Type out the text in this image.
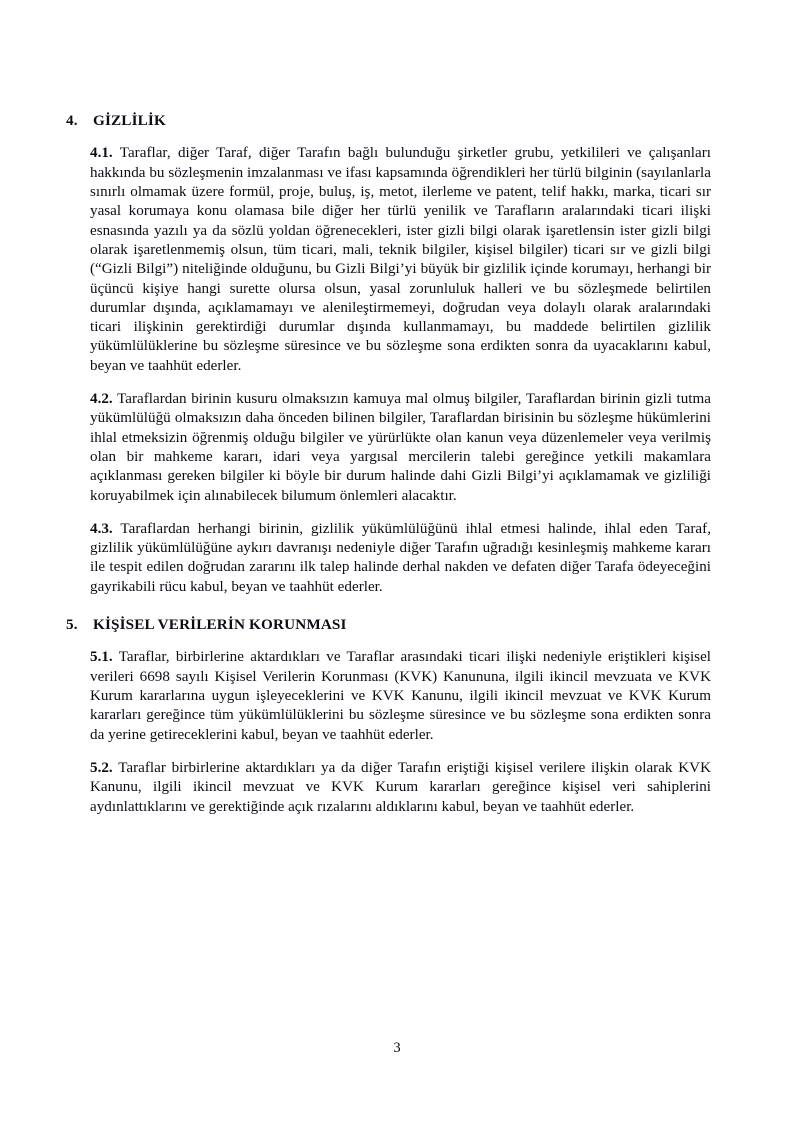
4.	GİZLİLİK

4.1. Taraflar, diğer Taraf, diğer Tarafın bağlı bulunduğu şirketler grubu, yetkilileri ve çalışanları hakkında bu sözleşmenin imzalanması ve ifası kapsamında öğrendikleri her türlü bilginin (sayılanlarla sınırlı olmamak üzere formül, proje, buluş, iş, metot, ilerleme ve patent, telif hakkı, marka, ticari sır yasal korumaya konu olamasa bile diğer her türlü yenilik ve Tarafların aralarındaki ticari ilişki esnasında yazılı ya da sözlü yoldan öğrenecekleri, ister gizli bilgi olarak işaretlensin ister gizli bilgi olarak işaretlenmemiş olsun, tüm ticari, mali, teknik bilgiler, kişisel bilgiler) ticari sır ve gizli bilgi (“Gizli Bilgi”) niteliğinde olduğunu, bu Gizli Bilgi’yi büyük bir gizlilik içinde korumayı, herhangi bir üçüncü kişiye hangi surette olursa olsun, yasal zorunluluk halleri ve bu sözleşmede belirtilen durumlar dışında, açıklamamayı ve alenileştirmemeyi, doğrudan veya dolaylı olarak aralarındaki ticari ilişkinin gerektirdiği durumlar dışında kullanmamayı, bu maddede belirtilen gizlilik yükümlülüklerine bu sözleşme süresince ve bu sözleşme sona erdikten sonra da uyacaklarını kabul, beyan ve taahhüt ederler.

4.2. Taraflardan birinin kusuru olmaksızın kamuya mal olmuş bilgiler, Taraflardan birinin gizli tutma yükümlülüğü olmaksızın daha önceden bilinen bilgiler, Taraflardan birisinin bu sözleşme hükümlerini ihlal etmeksizin öğrenmiş olduğu bilgiler ve yürürlükte olan kanun veya düzenlemeler veya verilmiş olan bir mahkeme kararı, idari veya yargısal mercilerin talebi gereğince yetkili makamlara açıklanması gereken bilgiler ki böyle bir durum halinde dahi Gizli Bilgi’yi açıklamamak ve gizliliği koruyabilmek için alınabilecek bilumum önlemleri alacaktır.

4.3. Taraflardan herhangi birinin, gizlilik yükümlülüğünü ihlal etmesi halinde, ihlal eden Taraf, gizlilik yükümlülüğüne aykırı davranışı nedeniyle diğer Tarafın uğradığı kesinleşmiş mahkeme kararı ile tespit edilen doğrudan zararını ilk talep halinde derhal nakden ve defaten diğer Tarafa ödeyeceğini gayrikabili rücu kabul, beyan ve taahhüt ederler.

5.	KİŞİSEL VERİLERİN KORUNMASI

5.1. Taraflar, birbirlerine aktardıkları ve Taraflar arasındaki ticari ilişki nedeniyle eriştikleri kişisel verileri 6698 sayılı Kişisel Verilerin Korunması (KVK) Kanununa, ilgili ikincil mevzuata ve KVK Kurum kararlarına uygun işleyeceklerini ve KVK Kanunu, ilgili ikincil mevzuat ve KVK Kurum kararları gereğince tüm yükümlülüklerini bu sözleşme süresince ve bu sözleşme sona erdikten sonra da yerine getireceklerini kabul, beyan ve taahhüt ederler.

5.2. Taraflar birbirlerine aktardıkları ya da diğer Tarafın eriştiği kişisel verilere ilişkin olarak KVK Kanunu, ilgili ikincil mevzuat ve KVK Kurum kararları gereğince kişisel veri sahiplerini aydınlattıklarını ve gerektiğinde açık rızalarını aldıklarını kabul, beyan ve taahhüt ederler.

3
